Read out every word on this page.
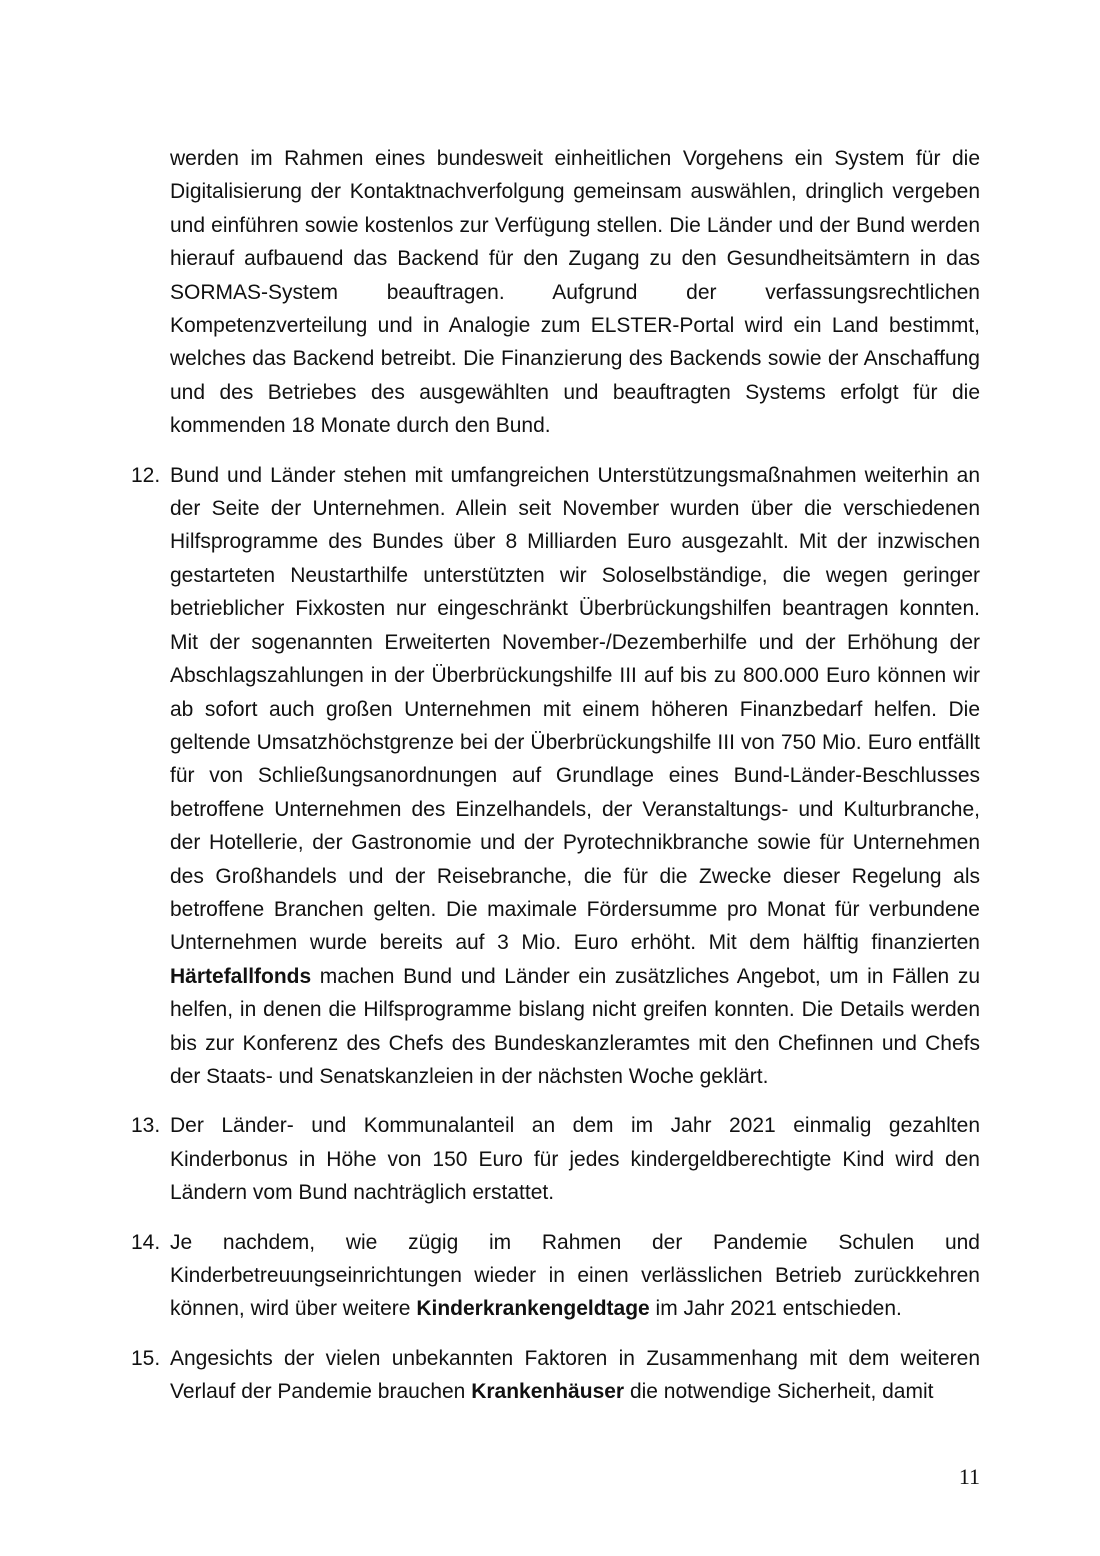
werden im Rahmen eines bundesweit einheitlichen Vorgehens ein System für die Digitalisierung der Kontaktnachverfolgung gemeinsam auswählen, dringlich vergeben und einführen sowie kostenlos zur Verfügung stellen. Die Länder und der Bund werden hierauf aufbauend das Backend für den Zugang zu den Gesundheitsämtern in das SORMAS-System beauftragen. Aufgrund der verfassungsrechtlichen Kompetenzverteilung und in Analogie zum ELSTER-Portal wird ein Land bestimmt, welches das Backend betreibt. Die Finanzierung des Backends sowie der Anschaffung und des Betriebes des ausgewählten und beauftragten Systems erfolgt für die kommenden 18 Monate durch den Bund.

12. Bund und Länder stehen mit umfangreichen Unterstützungsmaßnahmen weiterhin an der Seite der Unternehmen. Allein seit November wurden über die verschiedenen Hilfsprogramme des Bundes über 8 Milliarden Euro ausgezahlt. Mit der inzwischen gestarteten Neustarthilfe unterstützten wir Soloselbständige, die wegen geringer betrieblicher Fixkosten nur eingeschränkt Überbrückungshilfen beantragen konnten. Mit der sogenannten Erweiterten November-/Dezemberhilfe und der Erhöhung der Abschlagszahlungen in der Überbrückungshilfe III auf bis zu 800.000 Euro können wir ab sofort auch großen Unternehmen mit einem höheren Finanzbedarf helfen. Die geltende Umsatzhöchstgrenze bei der Überbrückungshilfe III von 750 Mio. Euro entfällt für von Schließungsanordnungen auf Grundlage eines Bund-Länder-Beschlusses betroffene Unternehmen des Einzelhandels, der Veranstaltungs- und Kulturbranche, der Hotellerie, der Gastronomie und der Pyrotechnikbranche sowie für Unternehmen des Großhandels und der Reisebranche, die für die Zwecke dieser Regelung als betroffene Branchen gelten. Die maximale Fördersumme pro Monat für verbundene Unternehmen wurde bereits auf 3 Mio. Euro erhöht. Mit dem hälftig finanzierten Härtefallfonds machen Bund und Länder ein zusätzliches Angebot, um in Fällen zu helfen, in denen die Hilfsprogramme bislang nicht greifen konnten. Die Details werden bis zur Konferenz des Chefs des Bundeskanzleramtes mit den Chefinnen und Chefs der Staats- und Senatskanzleien in der nächsten Woche geklärt.
13. Der Länder- und Kommunalanteil an dem im Jahr 2021 einmalig gezahlten Kinderbonus in Höhe von 150 Euro für jedes kindergeldberechtigte Kind wird den Ländern vom Bund nachträglich erstattet.
14. Je nachdem, wie zügig im Rahmen der Pandemie Schulen und Kinderbetreuungseinrichtungen wieder in einen verlässlichen Betrieb zurückkehren können, wird über weitere Kinderkrankengeldtage im Jahr 2021 entschieden.
15. Angesichts der vielen unbekannten Faktoren in Zusammenhang mit dem weiteren Verlauf der Pandemie brauchen Krankenhäuser die notwendige Sicherheit, damit
11
